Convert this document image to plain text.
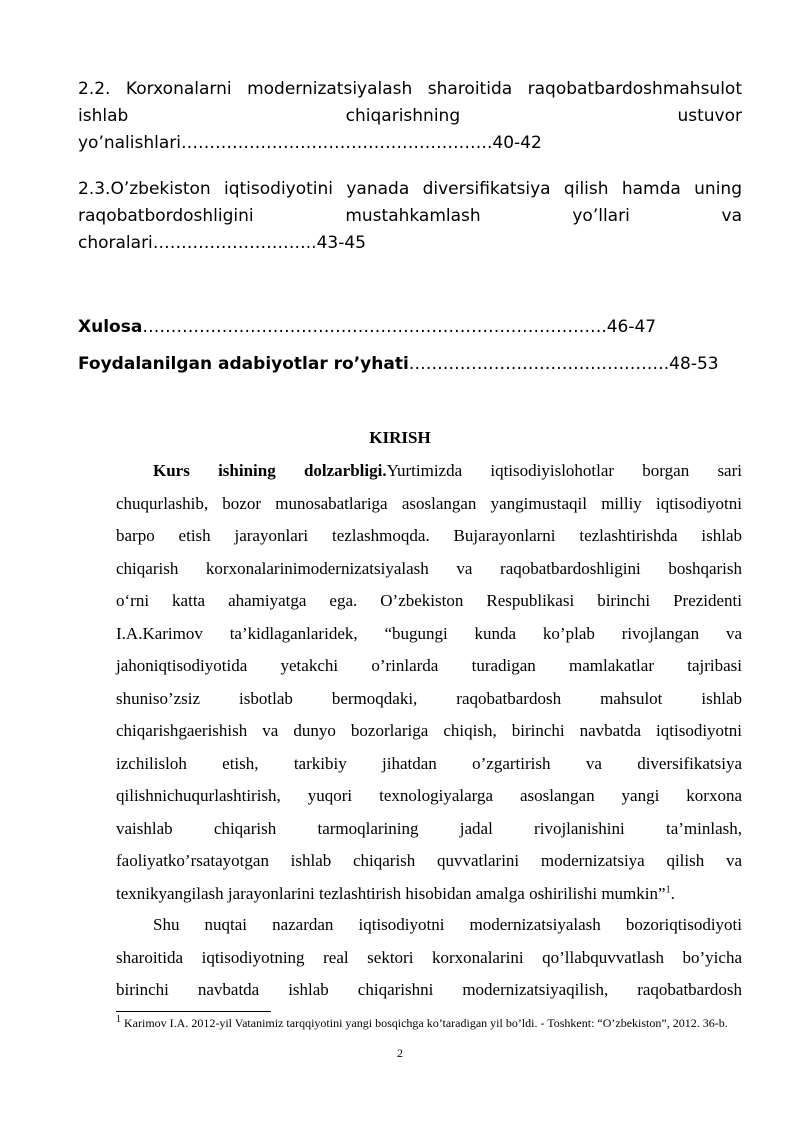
2.2. Korxonalarni modernizatsiyalash sharoitida raqobatbardoshmahsulot
ishlab chiqarishning ustuvor
yo’nalishlari……………………………………………….40-42
2.3.O’zbekiston iqtisodiyotini yanada diversifikatsiya qilish hamda uning
raqobatbordoshligini mustahkamlash yo’llari va
choralari………………………..43-45
Xulosa……………………………………………………………………….46-47
Foydalanilgan adabiyotlar ro’yhati……………………………………….48-53
KIRISH
Kurs ishining dolzarbligi.Yurtimizda iqtisodiyislohotlar borgan sari
chuqurlashib, bozor munosabatlariga asoslangan yangimustaqil milliy iqtisodiyotni
barpo etish jarayonlari tezlashmoqda. Bujarayonlarni tezlashtirishda ishlab
chiqarish korxonalarinimodernizatsiyalash va raqobatbardoshligini boshqarish
o‘rni katta ahamiyatga ega. O’zbekiston Respublikasi birinchi Prezidenti
I.A.Karimov ta’kidlaganlaridek, “bugungi kunda ko’plab rivojlangan va
jahoniqtisodiyotida yetakchi o’rinlarda turadigan mamlakatlar tajribasi
shuniso’zsiz isbotlab bermoqdaki, raqobatbardosh mahsulot ishlab
chiqarishgaerishish va dunyo bozorlariga chiqish, birinchi navbatda iqtisodiyotni
izchilisloh etish, tarkibiy jihatdan o’zgartirish va diversifikatsiya
qilishnichuqurlashtirish, yuqori texnologiyalarga asoslangan yangi korxona
vaishlab chiqarish tarmoqlarining jadal rivojlanishini ta’minlash,
faoliyatko’rsatayotgan ishlab chiqarish quvvatlarini modernizatsiya qilish va
texnikyangilash jarayonlarini tezlashtirish hisobidan amalga oshirilishi mumkin”$^1$.
Shu nuqtai nazardan iqtisodiyotni modernizatsiyalash bozoriqtisodiyoti
sharoitida iqtisodiyotning real sektori korxonalarini qo’llabquvvatlash bo’yicha
birinchi navbatda ishlab chiqarishni modernizatsiyaqilish, raqobatbardosh
$^1$ Karimov I.A. 2012-yil Vatanimiz tarqqiyotini yangi bosqichga ko’taradigan yil bo’ldi. - Toshkent: “O’zbekiston”, 2012. 36-b.
2
